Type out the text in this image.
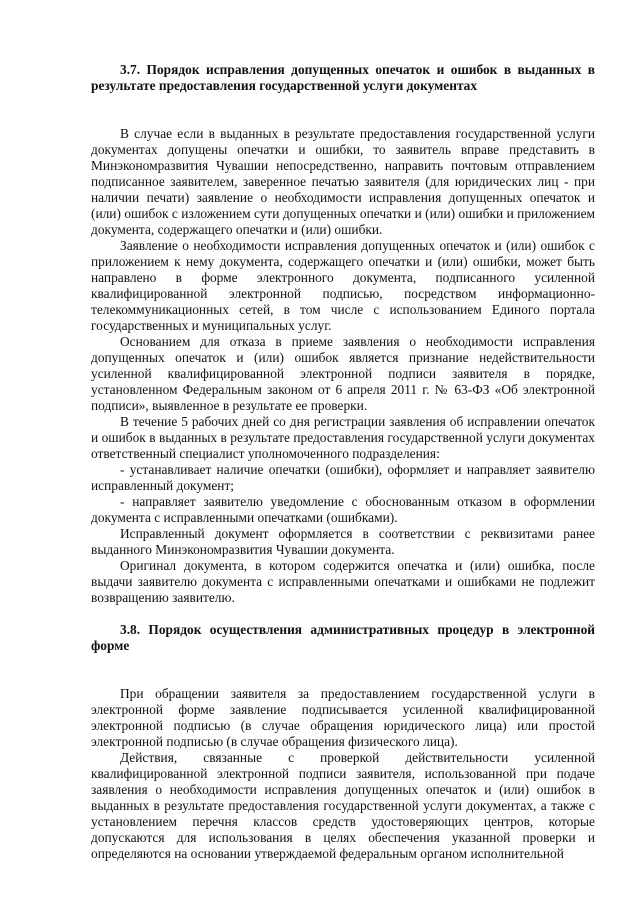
3.7. Порядок исправления допущенных опечаток и ошибок в выданных в результате предоставления государственной услуги документах

В случае если в выданных в результате предоставления государственной услуги документах допущены опечатки и ошибки, то заявитель вправе представить в Минэкономразвития Чувашии непосредственно, направить почтовым отправлением подписанное заявителем, заверенное печатью заявителя (для юридических лиц - при наличии печати) заявление о необходимости исправления допущенных опечаток и (или) ошибок с изложением сути допущенных опечатки и (или) ошибки и приложением документа, содержащего опечатки и (или) ошибки.

Заявление о необходимости исправления допущенных опечаток и (или) ошибок с приложением к нему документа, содержащего опечатки и (или) ошибки, может быть направлено в форме электронного документа, подписанного усиленной квалифицированной электронной подписью, посредством информационно-телекоммуникационных сетей, в том числе с использованием Единого портала государственных и муниципальных услуг.

Основанием для отказа в приеме заявления о необходимости исправления допущенных опечаток и (или) ошибок является признание недействительности усиленной квалифицированной электронной подписи заявителя в порядке, установленном Федеральным законом от 6 апреля 2011 г. № 63-ФЗ «Об электронной подписи», выявленное в результате ее проверки.

В течение 5 рабочих дней со дня регистрации заявления об исправлении опечаток и ошибок в выданных в результате предоставления государственной услуги документах ответственный специалист уполномоченного подразделения:

- устанавливает наличие опечатки (ошибки), оформляет и направляет заявителю исправленный документ;

- направляет заявителю уведомление с обоснованным отказом в оформлении документа с исправленными опечатками (ошибками).

Исправленный документ оформляется в соответствии с реквизитами ранее выданного Минэкономразвития Чувашии документа.

Оригинал документа, в котором содержится опечатка и (или) ошибка, после выдачи заявителю документа с исправленными опечатками и ошибками не подлежит возвращению заявителю.

3.8. Порядок осуществления административных процедур в электронной форме

При обращении заявителя за предоставлением государственной услуги в электронной форме заявление подписывается усиленной квалифицированной электронной подписью (в случае обращения юридического лица) или простой электронной подписью (в случае обращения физического лица).

Действия, связанные с проверкой действительности усиленной квалифицированной электронной подписи заявителя, использованной при подаче заявления о необходимости исправления допущенных опечаток и (или) ошибок в выданных в результате предоставления государственной услуги документах, а также с установлением перечня классов средств удостоверяющих центров, которые допускаются для использования в целях обеспечения указанной проверки и определяются на основании утверждаемой федеральным органом исполнительной
